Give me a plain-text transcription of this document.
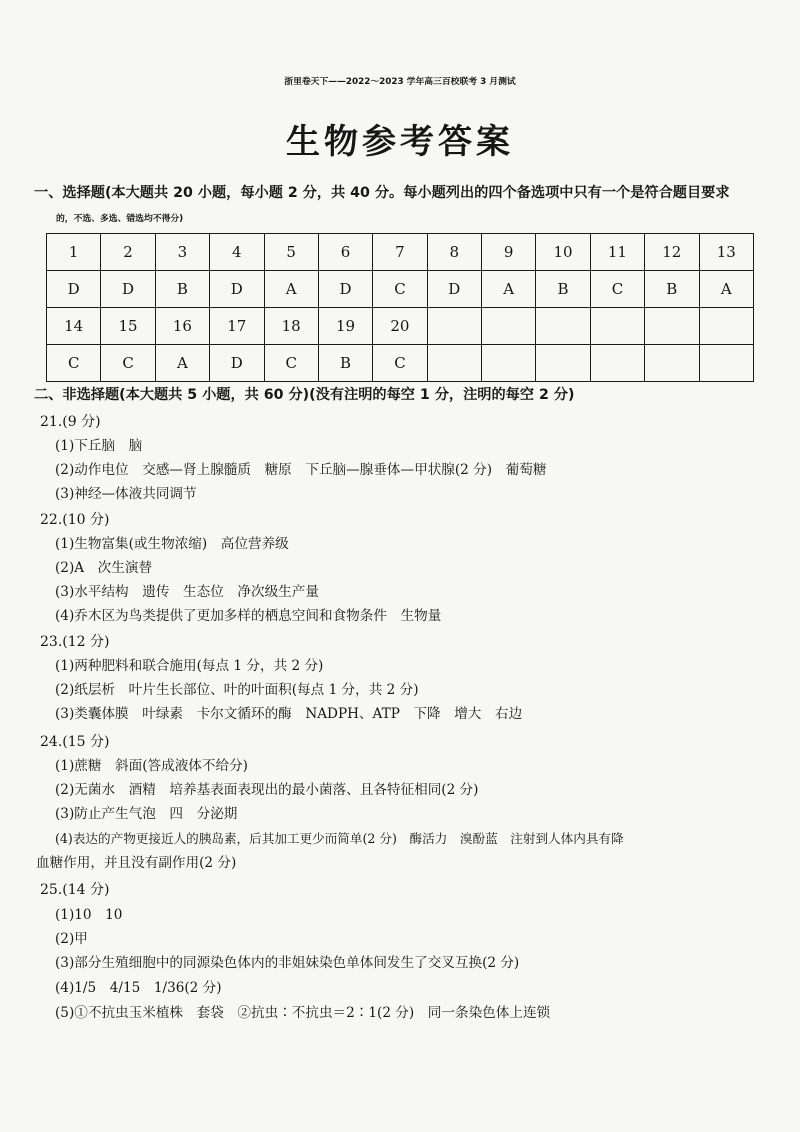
浙里卷天下——2022～2023 学年高三百校联考 3 月测试
生物参考答案
一、选择题(本大题共 20 小题，每小题 2 分，共 40 分。每小题列出的四个备选项中只有一个是符合题目要求
的，不选、多选、错选均不得分)
1	2	3	4	5	6	7	8	9	10	11	12	13
D	D	B	D	A	D	C	D	A	B	C	B	A
14	15	16	17	18	19	20						
C	C	A	D	C	B	C						
二、非选择题(本大题共 5 小题，共 60 分)(没有注明的每空 1 分，注明的每空 2 分)
21.(9 分)
(1)下丘脑　脑
(2)动作电位　交感—肾上腺髓质　糖原　下丘脑—腺垂体—甲状腺(2 分)　葡萄糖
(3)神经—体液共同调节
22.(10 分)
(1)生物富集(或生物浓缩)　高位营养级
(2)A　次生演替
(3)水平结构　遗传　生态位　净次级生产量
(4)乔木区为鸟类提供了更加多样的栖息空间和食物条件　生物量
23.(12 分)
(1)两种肥料和联合施用(每点 1 分，共 2 分)
(2)纸层析　叶片生长部位、叶的叶面积(每点 1 分，共 2 分)
(3)类囊体膜　叶绿素　卡尔文循环的酶　NADPH、ATP　下降　增大　右边
24.(15 分)
(1)蔗糖　斜面(答成液体不给分)
(2)无菌水　酒精　培养基表面表现出的最小菌落、且各特征相同(2 分)
(3)防止产生气泡　四　分泌期
(4)表达的产物更接近人的胰岛素，后其加工更少而简单(2 分)　酶活力　溴酚蓝　注射到人体内具有降
血糖作用，并且没有副作用(2 分)
25.(14 分)
(1)10　10
(2)甲
(3)部分生殖细胞中的同源染色体内的非姐妹染色单体间发生了交叉互换(2 分)
(4)1/5　4/15　1/36(2 分)
(5)①不抗虫玉米植株　套袋　②抗虫∶不抗虫＝2∶1(2 分)　同一条染色体上连锁
